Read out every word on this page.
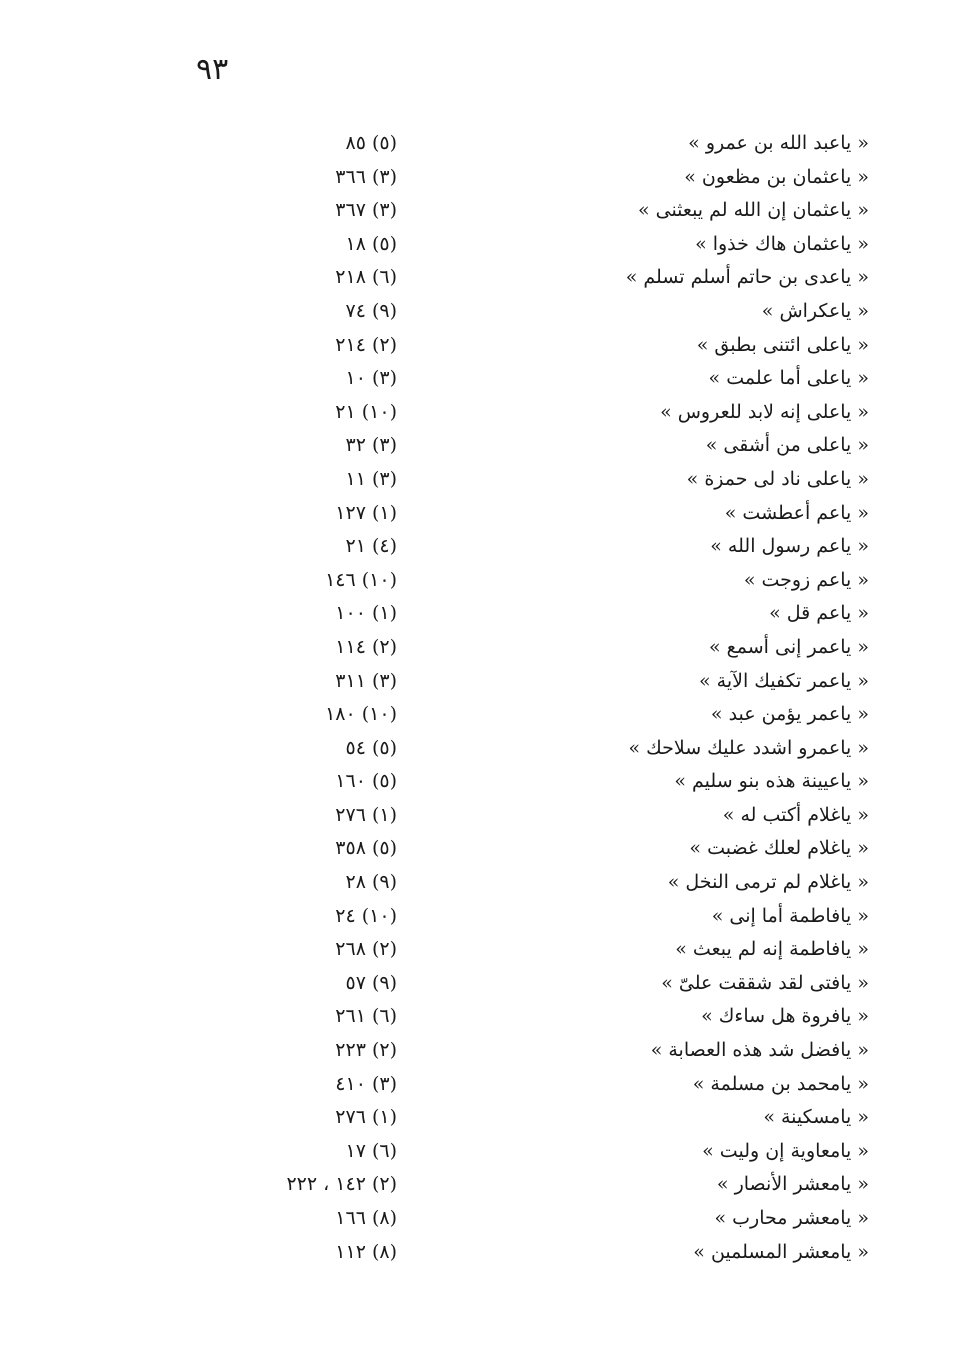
٩٣
« ياعبد الله بن عمرو »
(٥) ٨٥
« ياعثمان بن مظعون »
(٣) ٣٦٦
« ياعثمان إن الله لم يبعثنى »
(٣) ٣٦٧
« ياعثمان هاك خذوا »
(٥) ١٨
« ياعدى بن حاتم أسلم تسلم »
(٦) ٢١٨
« ياعكراش »
(٩) ٧٤
« ياعلى ائتنى بطبق »
(٢) ٢١٤
« ياعلى أما علمت »
(٣) ١٠
« ياعلى إنه لابد للعروس »
(١٠) ٢١
« ياعلى من أشقى »
(٣) ٣٢
« ياعلى ناد لى حمزة »
(٣) ١١
« ياعم أعطشت »
(١) ١٢٧
« ياعم رسول الله »
(٤) ٢١
« ياعم زوجت »
(١٠) ١٤٦
« ياعم قل »
(١) ١٠٠
« ياعمر إنى أسمع »
(٢) ١١٤
« ياعمر تكفيك الآية »
(٣) ٣١١
« ياعمر يؤمن عبد »
(١٠) ١٨٠
« ياعمرو اشدد عليك سلاحك »
(٥) ٥٤
« ياعيينة هذه بنو سليم »
(٥) ١٦٠
« ياغلام أكتب له »
(١) ٢٧٦
« ياغلام لعلك غضبت »
(٥) ٣٥٨
« ياغلام لم ترمى النخل »
(٩) ٢٨
« يافاطمة أما إنى »
(١٠) ٢٤
« يافاطمة إنه لم يبعث »
(٢) ٢٦٨
« يافتى لقد شققت علىّ »
(٩) ٥٧
« يافروة هل ساءك »
(٦) ٢٦١
« يافضل شد هذه العصابة »
(٢) ٢٢٣
« يامحمد بن مسلمة »
(٣) ٤١٠
« يامسكينة »
(١) ٢٧٦
« يامعاوية إن وليت »
(٦) ١٧
« يامعشر الأنصار »
(٢) ١٤٢ ، ٢٢٢
« يامعشر محارب »
(٨) ١٦٦
« يامعشر المسلمين »
(٨) ١١٢
